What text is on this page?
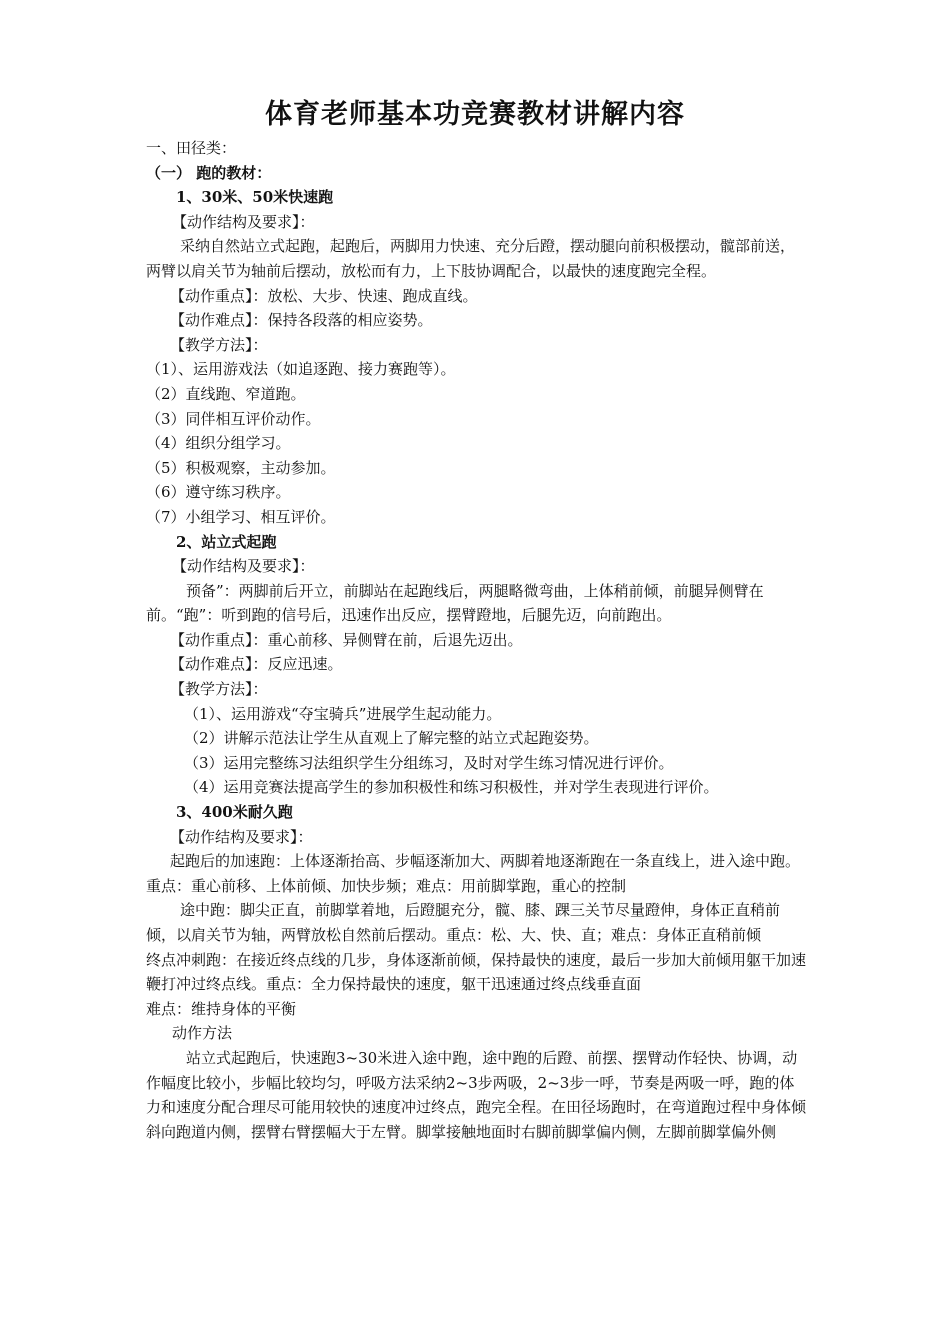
体育老师基本功竞赛教材讲解内容
一、田径类：
（一） 跑的教材：
1、30米、50米快速跑
【动作结构及要求】：
采纳自然站立式起跑，起跑后，两脚用力快速、充分后蹬，摆动腿向前积极摆动，髋部前送，两臂以肩关节为轴前后摆动，放松而有力，上下肢协调配合，以最快的速度跑完全程。
【动作重点】：放松、大步、快速、跑成直线。
【动作难点】：保持各段落的相应姿势。
【教学方法】：
（1）、运用游戏法（如追逐跑、接力赛跑等）。
（2）直线跑、窄道跑。
（3）同伴相互评价动作。
（4）组织分组学习。
（5）积极观察，主动参加。
（6）遵守练习秩序。
（7）小组学习、相互评价。
2、站立式起跑
【动作结构及要求】：
预备”：两脚前后开立，前脚站在起跑线后，两腿略微弯曲，上体稍前倾，前腿异侧臂在前。“跑”：听到跑的信号后，迅速作出反应，摆臂蹬地，后腿先迈，向前跑出。
【动作重点】：重心前移、异侧臂在前，后退先迈出。
【动作难点】：反应迅速。
【教学方法】：
（1）、运用游戏“夺宝骑兵”进展学生起动能力。
（2）讲解示范法让学生从直观上了解完整的站立式起跑姿势。
（3）运用完整练习法组织学生分组练习，及时对学生练习情况进行评价。
（4）运用竞赛法提高学生的参加积极性和练习积极性，并对学生表现进行评价。
3、400米耐久跑
【动作结构及要求】：
起跑后的加速跑：上体逐渐抬高、步幅逐渐加大、两脚着地逐渐跑在一条直线上，进入途中跑。重点：重心前移、上体前倾、加快步频；难点：用前脚掌跑，重心的控制
途中跑：脚尖正直，前脚掌着地，后蹬腿充分，髋、膝、踝三关节尽量蹬伸，身体正直稍前倾，以肩关节为轴，两臂放松自然前后摆动。重点：松、大、快、直；难点：身体正直稍前倾
终点冲刺跑：在接近终点线的几步，身体逐渐前倾，保持最快的速度，最后一步加大前倾用躯干加速鞭打冲过终点线。重点：全力保持最快的速度，躯干迅速通过终点线垂直面
难点：维持身体的平衡
动作方法
站立式起跑后，快速跑3~30米进入途中跑，途中跑的后蹬、前摆、摆臂动作轻快、协调，动作幅度比较小，步幅比较均匀，呼吸方法采纳2~3步两吸，2~3步一呼，节奏是两吸一呼，跑的体力和速度分配合理尽可能用较快的速度冲过终点，跑完全程。在田径场跑时，在弯道跑过程中身体倾斜向跑道内侧，摆臂右臂摆幅大于左臂。脚掌接触地面时右脚前脚掌偏内侧，左脚前脚掌偏外侧
